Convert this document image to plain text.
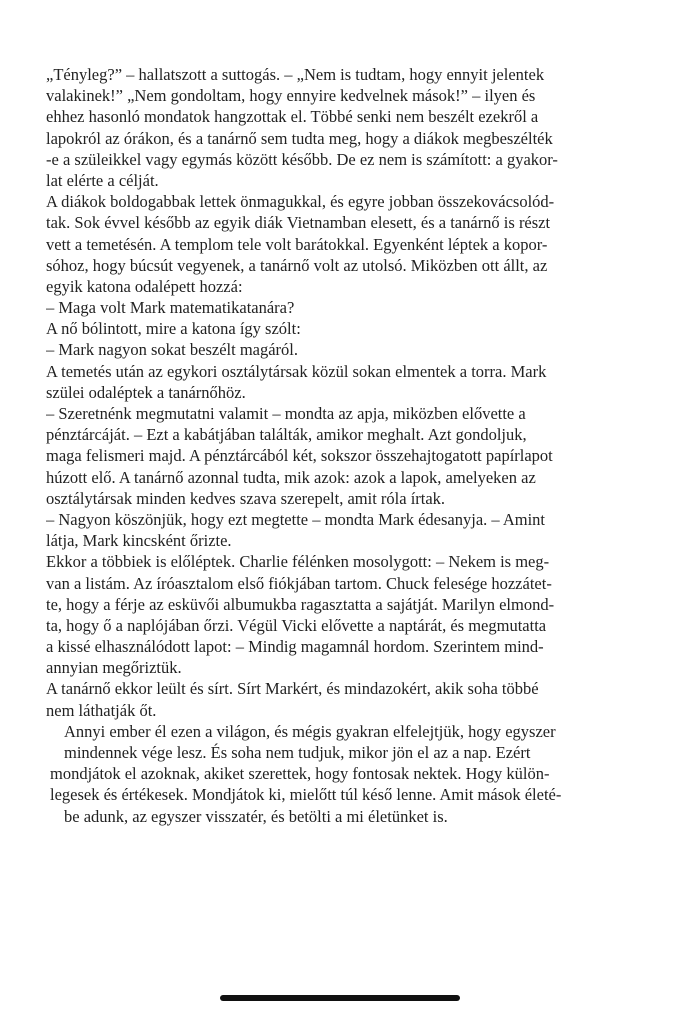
„Tényleg?” – hallatszott a suttogás. – „Nem is tudtam, hogy ennyit jelentek
valakinek!” „Nem gondoltam, hogy ennyire kedvelnek mások!” – ilyen és
ehhez hasonló mondatok hangzottak el. Többé senki nem beszélt ezekről a
lapokról az órákon, és a tanárnő sem tudta meg, hogy a diákok megbeszélték
-e a szüleikkel vagy egymás között később. De ez nem is számított: a gyakor-
lat elérte a célját.
A diákok boldogabbak lettek önmagukkal, és egyre jobban összekovácsolód-
tak. Sok évvel később az egyik diák Vietnamban elesett, és a tanárnő is részt
vett a temetésén. A templom tele volt barátokkal. Egyenként léptek a kopor-
sóhoz, hogy búcsút vegyenek, a tanárnő volt az utolsó. Miközben ott állt, az
egyik katona odalépett hozzá:
– Maga volt Mark matematikatanára?
A nő bólintott, mire a katona így szólt:
– Mark nagyon sokat beszélt magáról.
A temetés után az egykori osztálytársak közül sokan elmentek a torra. Mark
szülei odaléptek a tanárnőhöz.
– Szeretnénk megmutatni valamit – mondta az apja, miközben elővette a
pénztárcáját. – Ezt a kabátjában találták, amikor meghalt. Azt gondoljuk,
maga felismeri majd. A pénztárcából két, sokszor összehajtogatott papírlapot
húzott elő. A tanárnő azonnal tudta, mik azok: azok a lapok, amelyeken az
osztálytársak minden kedves szava szerepelt, amit róla írtak.
– Nagyon köszönjük, hogy ezt megtette – mondta Mark édesanyja. – Amint
látja, Mark kincsként őrizte.
Ekkor a többiek is előléptek. Charlie félénken mosolygott: – Nekem is meg-
van a listám. Az íróasztalom első fiókjában tartom. Chuck felesége hozzátet-
te, hogy a férje az esküvői albumukba ragasztatta a sajátját. Marilyn elmond-
ta, hogy ő a naplójában őrzi. Végül Vicki elővette a naptárát, és megmutatta
a kissé elhasználódott lapot: – Mindig magamnál hordom. Szerintem mind-
annyian megőriztük.
A tanárnő ekkor leült és sírt. Sírt Markért, és mindazokért, akik soha többé
nem láthatják őt.
Annyi ember él ezen a világon, és mégis gyakran elfelejtjük, hogy egyszer
mindennek vége lesz. És soha nem tudjuk, mikor jön el az a nap. Ezért
mondjátok el azoknak, akiket szerettek, hogy fontosak nektek. Hogy külön-
legesek és értékesek. Mondjátok ki, mielőtt túl késő lenne. Amit mások életé-
be adunk, az egyszer visszatér, és betölti a mi életünket is.
